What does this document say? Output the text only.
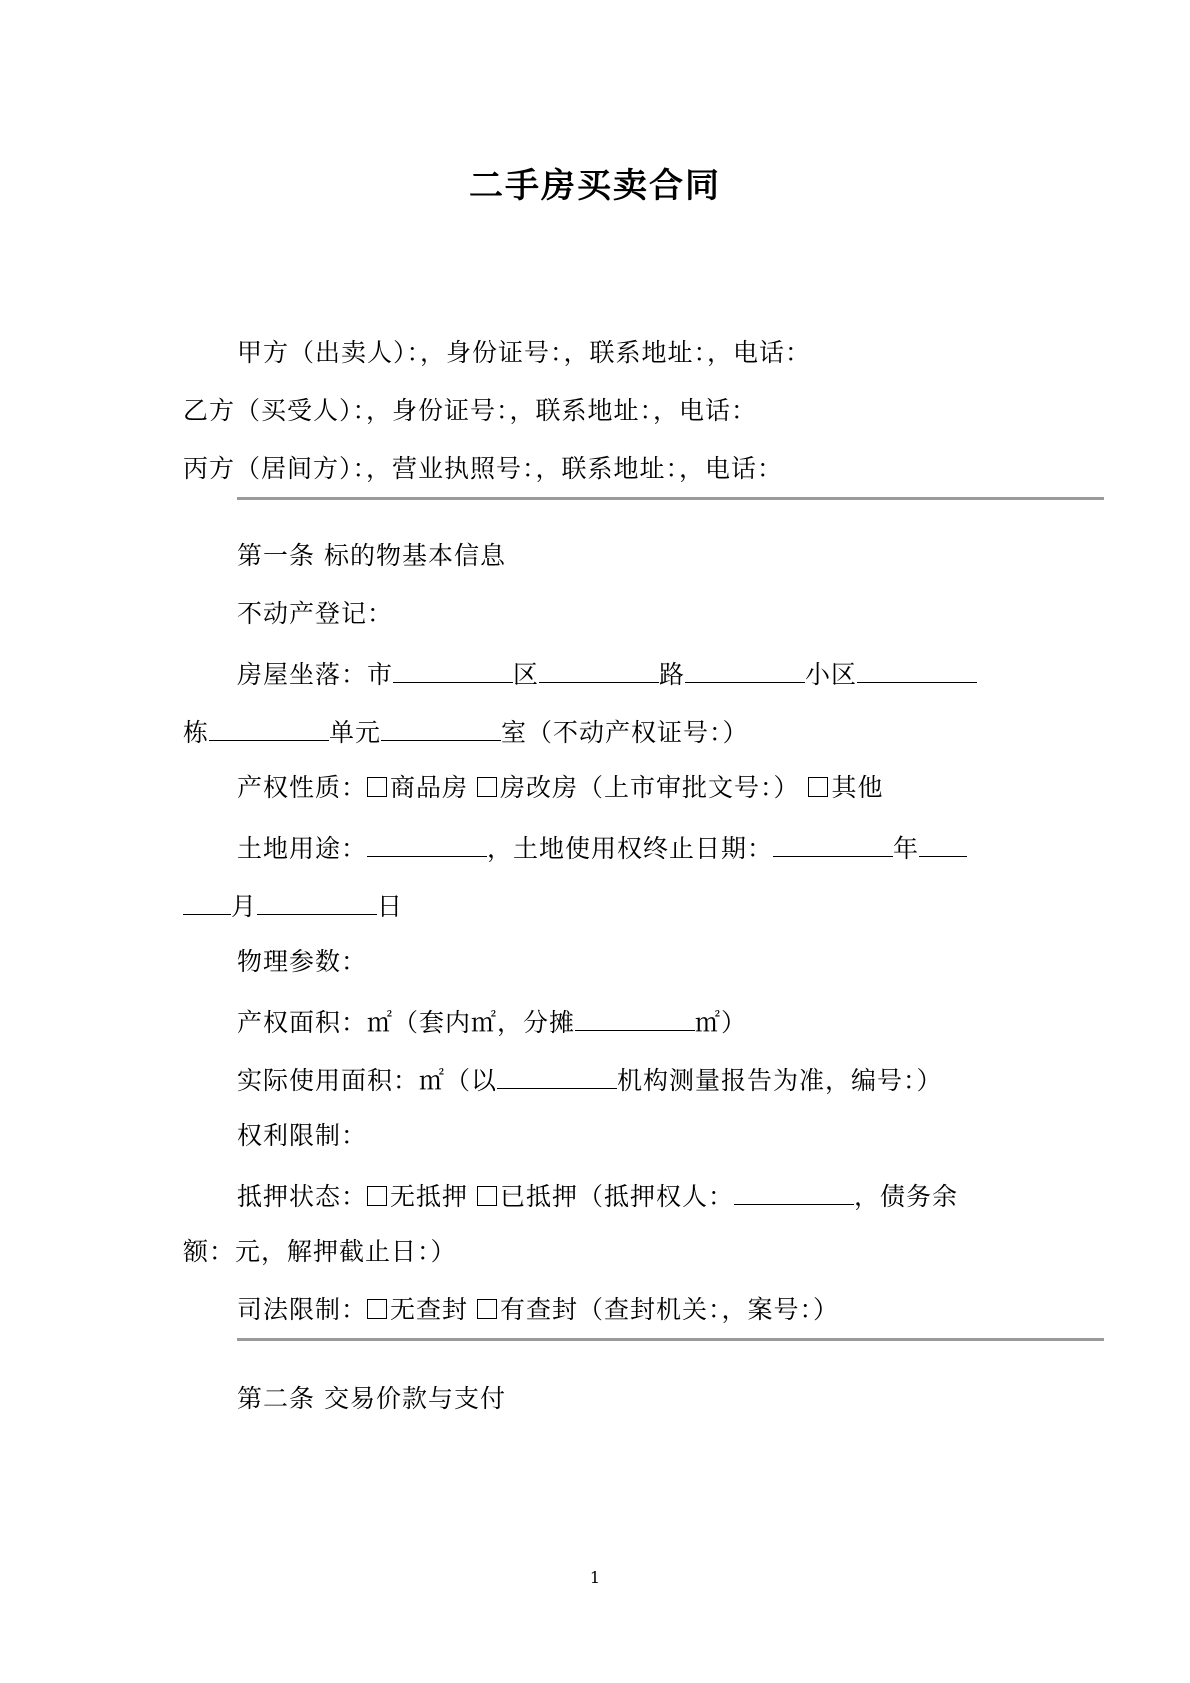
二手房买卖合同
甲方（出卖人）：，身份证号：，联系地址：，电话：
乙方（买受人）：，身份证号：，联系地址：，电话：
丙方（居间方）：，营业执照号：，联系地址：，电话：
第一条 标的物基本信息
不动产登记：
房屋坐落：市	区	路	小区
栋	单元	室（不动产权证号：）
产权性质： 商品房 房改房（上市审批文号：） 其他
土地用途：	，土地使用权终止日期：	年
月	日
物理参数：
产权面积：㎡（套内㎡，分摊	㎡）
实际使用面积：㎡（以	机构测量报告为准，编号：）
权利限制：
抵押状态： 无抵押 已抵押（抵押权人：	，债务余
额：元，解押截止日：）
司法限制： 无查封 有查封（查封机关：，案号：）
第二条 交易价款与支付
1
